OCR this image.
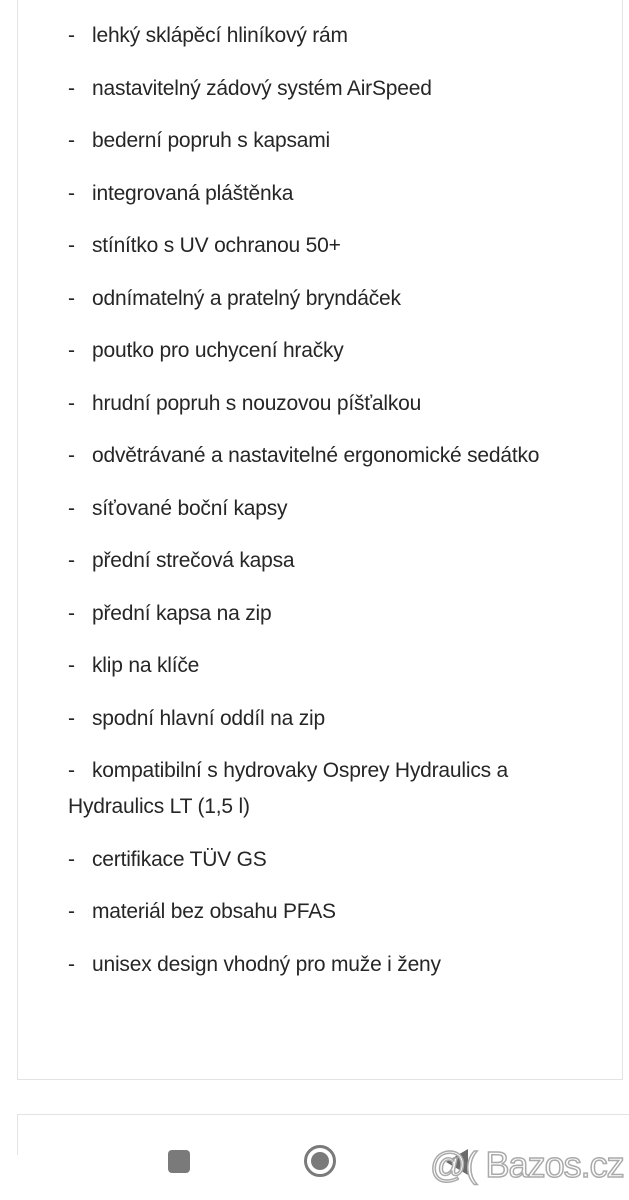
- lehký sklápěcí hliníkový rám
- nastavitelný zádový systém AirSpeed
- bederní popruh s kapsami
- integrovaná pláštěnka
- stínítko s UV ochranou 50+
- odnímatelný a pratelný bryndáček
- poutko pro uchycení hračky
- hrudní popruh s nouzovou píšťalkou
- odvětrávané a nastavitelné ergonomické sedátko
- síťované boční kapsy
- přední strečová kapsa
- přední kapsa na zip
- klip na klíče
- spodní hlavní oddíl na zip
- kompatibilní s hydrovaky Osprey Hydraulics a Hydraulics LT (1,5 l)
- certifikace TÜV GS
- materiál bez obsahu PFAS
- unisex design vhodný pro muže i ženy
@( Bazos.cz
